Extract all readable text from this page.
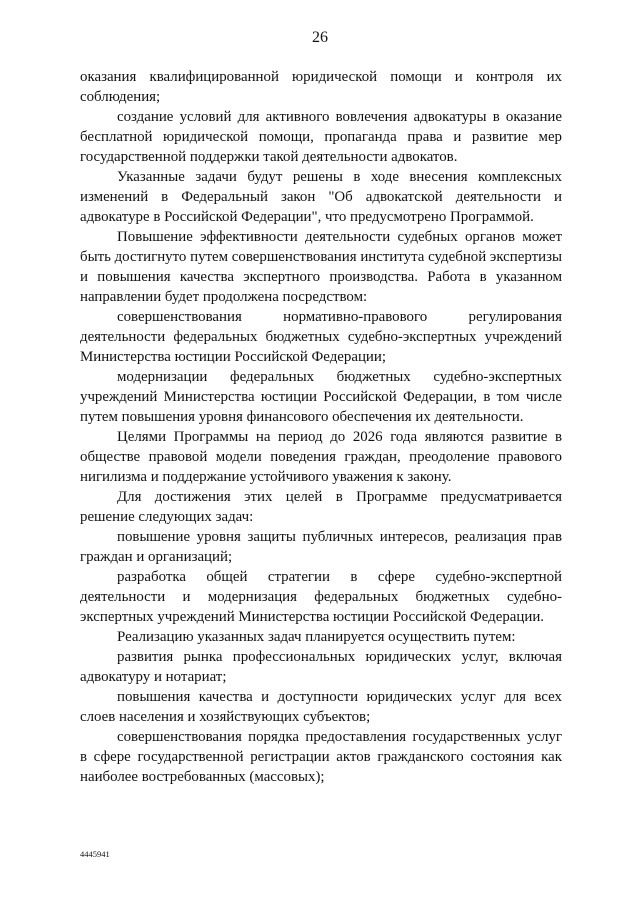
26

оказания квалифицированной юридической помощи и контроля их соблюдения;

создание условий для активного вовлечения адвокатуры в оказание бесплатной юридической помощи, пропаганда права и развитие мер государственной поддержки такой деятельности адвокатов.

Указанные задачи будут решены в ходе внесения комплексных изменений в Федеральный закон "Об адвокатской деятельности и адвокатуре в Российской Федерации", что предусмотрено Программой.

Повышение эффективности деятельности судебных органов может быть достигнуто путем совершенствования института судебной экспертизы и повышения качества экспертного производства. Работа в указанном направлении будет продолжена посредством:

совершенствования нормативно-правового регулирования деятельности федеральных бюджетных судебно-экспертных учреждений Министерства юстиции Российской Федерации;

модернизации федеральных бюджетных судебно-экспертных учреждений Министерства юстиции Российской Федерации, в том числе путем повышения уровня финансового обеспечения их деятельности.

Целями Программы на период до 2026 года являются развитие в обществе правовой модели поведения граждан, преодоление правового нигилизма и поддержание устойчивого уважения к закону.

Для достижения этих целей в Программе предусматривается решение следующих задач:

повышение уровня защиты публичных интересов, реализация прав граждан и организаций;

разработка общей стратегии в сфере судебно-экспертной деятельности и модернизация федеральных бюджетных судебно-экспертных учреждений Министерства юстиции Российской Федерации.

Реализацию указанных задач планируется осуществить путем:

развития рынка профессиональных юридических услуг, включая адвокатуру и нотариат;

повышения качества и доступности юридических услуг для всех слоев населения и хозяйствующих субъектов;

совершенствования порядка предоставления государственных услуг в сфере государственной регистрации актов гражданского состояния как наиболее востребованных (массовых);

4445941
